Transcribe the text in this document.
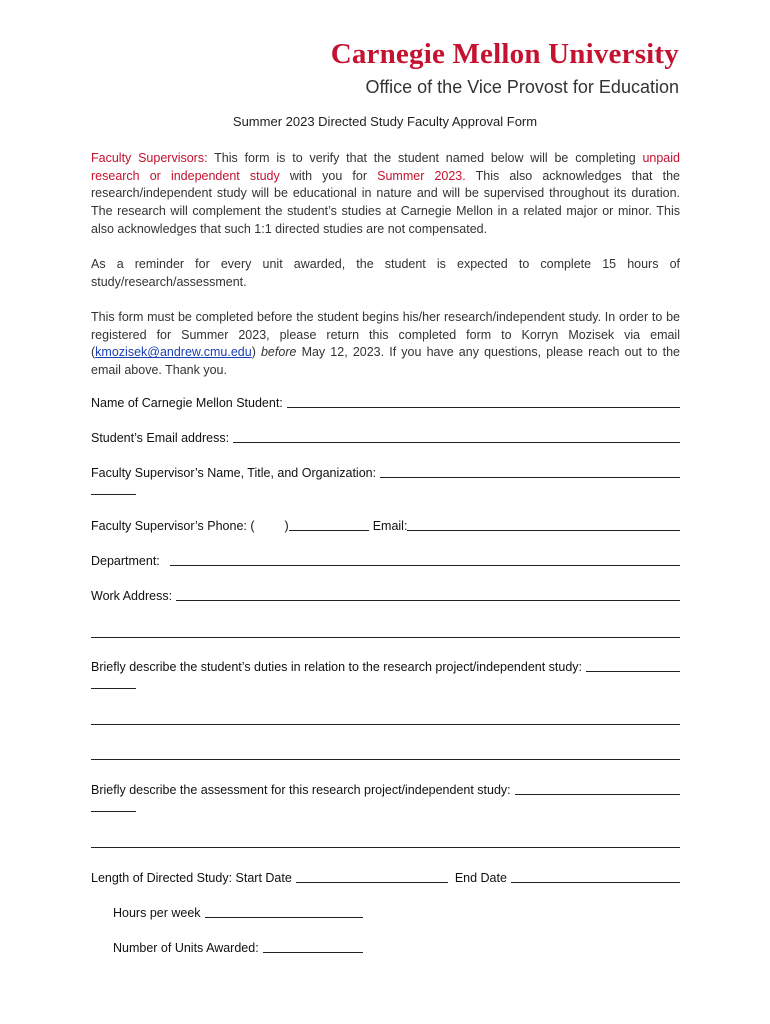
Carnegie Mellon University
Office of the Vice Provost for Education
Summer 2023 Directed Study Faculty Approval Form

Faculty Supervisors: This form is to verify that the student named below will be completing unpaid research or independent study with you for Summer 2023. This also acknowledges that the research/independent study will be educational in nature and will be supervised throughout its duration. The research will complement the student’s studies at Carnegie Mellon in a related major or minor. This also acknowledges that such 1:1 directed studies are not compensated.

As a reminder for every unit awarded, the student is expected to complete 15 hours of study/research/assessment.

This form must be completed before the student begins his/her research/independent study. In order to be registered for Summer 2023, please return this completed form to Korryn Mozisek via email (kmozisek@andrew.cmu.edu) before May 12, 2023. If you have any questions, please reach out to the email above. Thank you.

Name of Carnegie Mellon Student:
Student’s Email address:
Faculty Supervisor’s Name, Title, and Organization:
Faculty Supervisor’s Phone: ( )	Email:
Department:
Work Address:
Briefly describe the student’s duties in relation to the research project/independent study:
Briefly describe the assessment for this research project/independent study:
Length of Directed Study: Start Date	End Date
Hours per week
Number of Units Awarded:
